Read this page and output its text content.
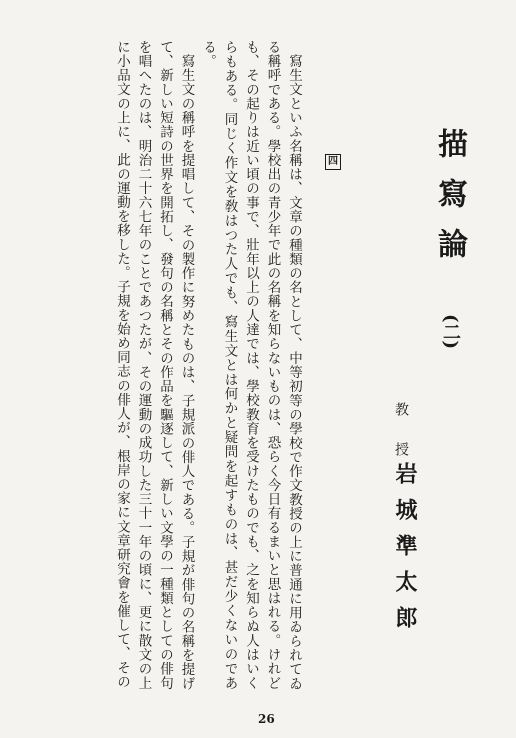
描寫論
(二)
教授
岩城準太郎
四

寫生文といふ名稱は、文章の種類の名として、中等初等の學校で作文教授の上に普通に用ゐられてゐる稱呼である。學校出の青少年で此の名稱を知らないものは、恐らく今日有るまいと思はれる。けれども、その起りは近い頃の事で、壯年以上の人達では、學校教育を受けたものでも、之を知らぬ人はいくらもある。同じく作文を敎はつた人でも、寫生文とは何かと疑問を起すものは、甚だ少くないのである。

寫生文の稱呼を提唱して、その製作に努めたものは、子規派の俳人である。子規が俳句の名稱を提げて、新しい短詩の世界を開拓し、發句の名稱とその作品を驅逐して、新しい文學の一種類としての俳句を唱へたのは、明治二十六七年のことであつたが、その運動の成功した三十一年の頃に、更に散文の上に小品文の上に、此の運動を移した。子規を始め同志の俳人が、根岸の家に文章研究會を催して、その

26
